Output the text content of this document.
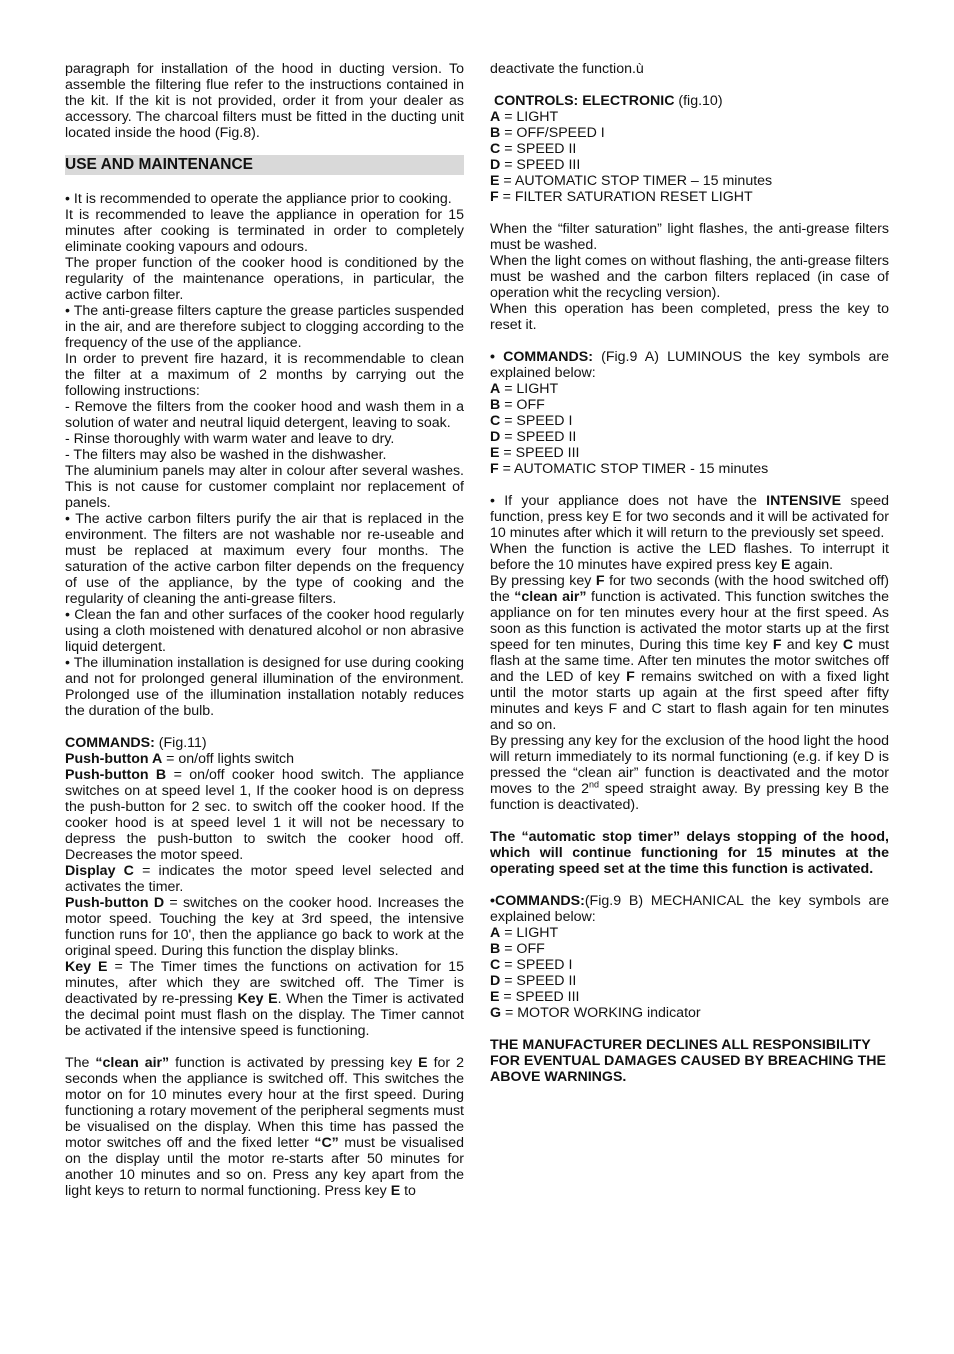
paragraph for installation of the hood in ducting version. To assemble the filtering flue refer to the instructions contained in the kit. If the kit is not provided, order it from your dealer as accessory. The charcoal filters must be fitted in the ducting unit located inside the hood (Fig.8).

USE AND MAINTENANCE

• It is recommended to operate the appliance prior to cooking.

It is recommended to leave the appliance in operation for 15 minutes after cooking is terminated in order to completely eliminate cooking vapours and odours.

The proper function of the cooker hood is conditioned by the regularity of the maintenance operations, in particular, the active carbon filter.

• The anti-grease filters capture the grease particles suspended in the air, and are therefore subject to clogging according to the frequency of the use of the appliance.

In order to prevent fire hazard, it is recommendable to clean the filter at a maximum of 2 months by carrying out the following instructions:

- Remove the filters from the cooker hood and wash them in a solution of water and neutral liquid detergent, leaving to soak.

- Rinse thoroughly with warm water and leave to dry.

- The filters may also be washed in the dishwasher.

The aluminium panels may alter in colour after several washes. This is not cause for customer complaint nor replacement of panels.

• The active carbon filters purify the air that is replaced in the environment. The filters are not washable nor re-useable and must be replaced at maximum every four months. The saturation of the active carbon filter depends on the frequency of use of the appliance, by the type of cooking and the regularity of cleaning the anti-grease filters.

• Clean the fan and other surfaces of the cooker hood regularly using a cloth moistened with denatured alcohol or non abrasive liquid detergent.

• The illumination installation is designed for use during cooking and not for prolonged general illumination of the environment. Prolonged use of the illumination installation notably reduces the duration of the bulb.

COMMANDS: (Fig.11)

Push-button A = on/off lights switch

Push-button B = on/off cooker hood switch. The appliance switches on at speed level 1, If the cooker hood is on depress the push-button for 2 sec. to switch off the cooker hood. If the cooker hood is at speed level 1 it will not be necessary to depress the push-button to switch the cooker hood off. Decreases the motor speed.

Display C = indicates the motor speed level selected and activates the timer.

Push-button D = switches on the cooker hood. Increases the motor speed. Touching the key at 3rd speed, the intensive function runs for 10', then the appliance go back to work at the original speed. During this function the display blinks.

Key E = The Timer times the functions on activation for 15 minutes, after which they are switched off. The Timer is deactivated by re-pressing Key E. When the Timer is activated the decimal point must flash on the display. The Timer cannot be activated if the intensive speed is functioning.

The “clean air” function is activated by pressing key E for 2 seconds when the appliance is switched off. This switches the motor on for 10 minutes every hour at the first speed. During functioning a rotary movement of the peripheral segments must be visualised on the display. When this time has passed the motor switches off and the fixed letter “C” must be visualised on the display until the motor re-starts after 50 minutes for another 10 minutes and so on. Press any key apart from the light keys to return to normal functioning. Press key E to

deactivate the function.ù

CONTROLS: ELECTRONIC (fig.10)

A = LIGHT

B = OFF/SPEED I

C = SPEED II

D = SPEED III

E = AUTOMATIC STOP TIMER – 15 minutes

F = FILTER SATURATION RESET LIGHT

When the “filter saturation” light flashes, the anti-grease filters must be washed.

When the light comes on without flashing, the anti-grease filters must be washed and the carbon filters replaced (in case of operation whit the recycling version).

When this operation has been completed, press the key to reset it.

• COMMANDS: (Fig.9 A) LUMINOUS the key symbols are explained below:

A = LIGHT

B = OFF

C = SPEED I

D = SPEED II

E = SPEED III

F = AUTOMATIC STOP TIMER - 15 minutes

• If your appliance does not have the INTENSIVE speed function, press key E for two seconds and it will be activated for 10 minutes after which it will return to the previously set speed.

When the function is active the LED flashes. To interrupt it before the 10 minutes have expired press key E again.

By pressing key F for two seconds (with the hood switched off) the “clean air” function is activated. This function switches the appliance on for ten minutes every hour at the first speed. As soon as this function is activated the motor starts up at the first speed for ten minutes, During this time key F and key C must flash at the same time. After ten minutes the motor switches off and the LED of key F remains switched on with a fixed light until the motor starts up again at the first speed after fifty minutes and keys F and C start to flash again for ten minutes and so on.

By pressing any key for the exclusion of the hood light the hood will return immediately to its normal functioning (e.g. if key D is pressed the “clean air” function is deactivated and the motor moves to the 2nd speed straight away. By pressing key B the function is deactivated).

The “automatic stop timer” delays stopping of the hood, which will continue functioning for 15 minutes at the operating speed set at the time this function is activated.

•COMMANDS:(Fig.9 B) MECHANICAL the key symbols are explained below:

A = LIGHT

B = OFF

C = SPEED I

D = SPEED II

E = SPEED III

G = MOTOR WORKING indicator

THE MANUFACTURER DECLINES ALL RESPONSIBILITY FOR EVENTUAL DAMAGES CAUSED BY BREACHING THE ABOVE WARNINGS.
